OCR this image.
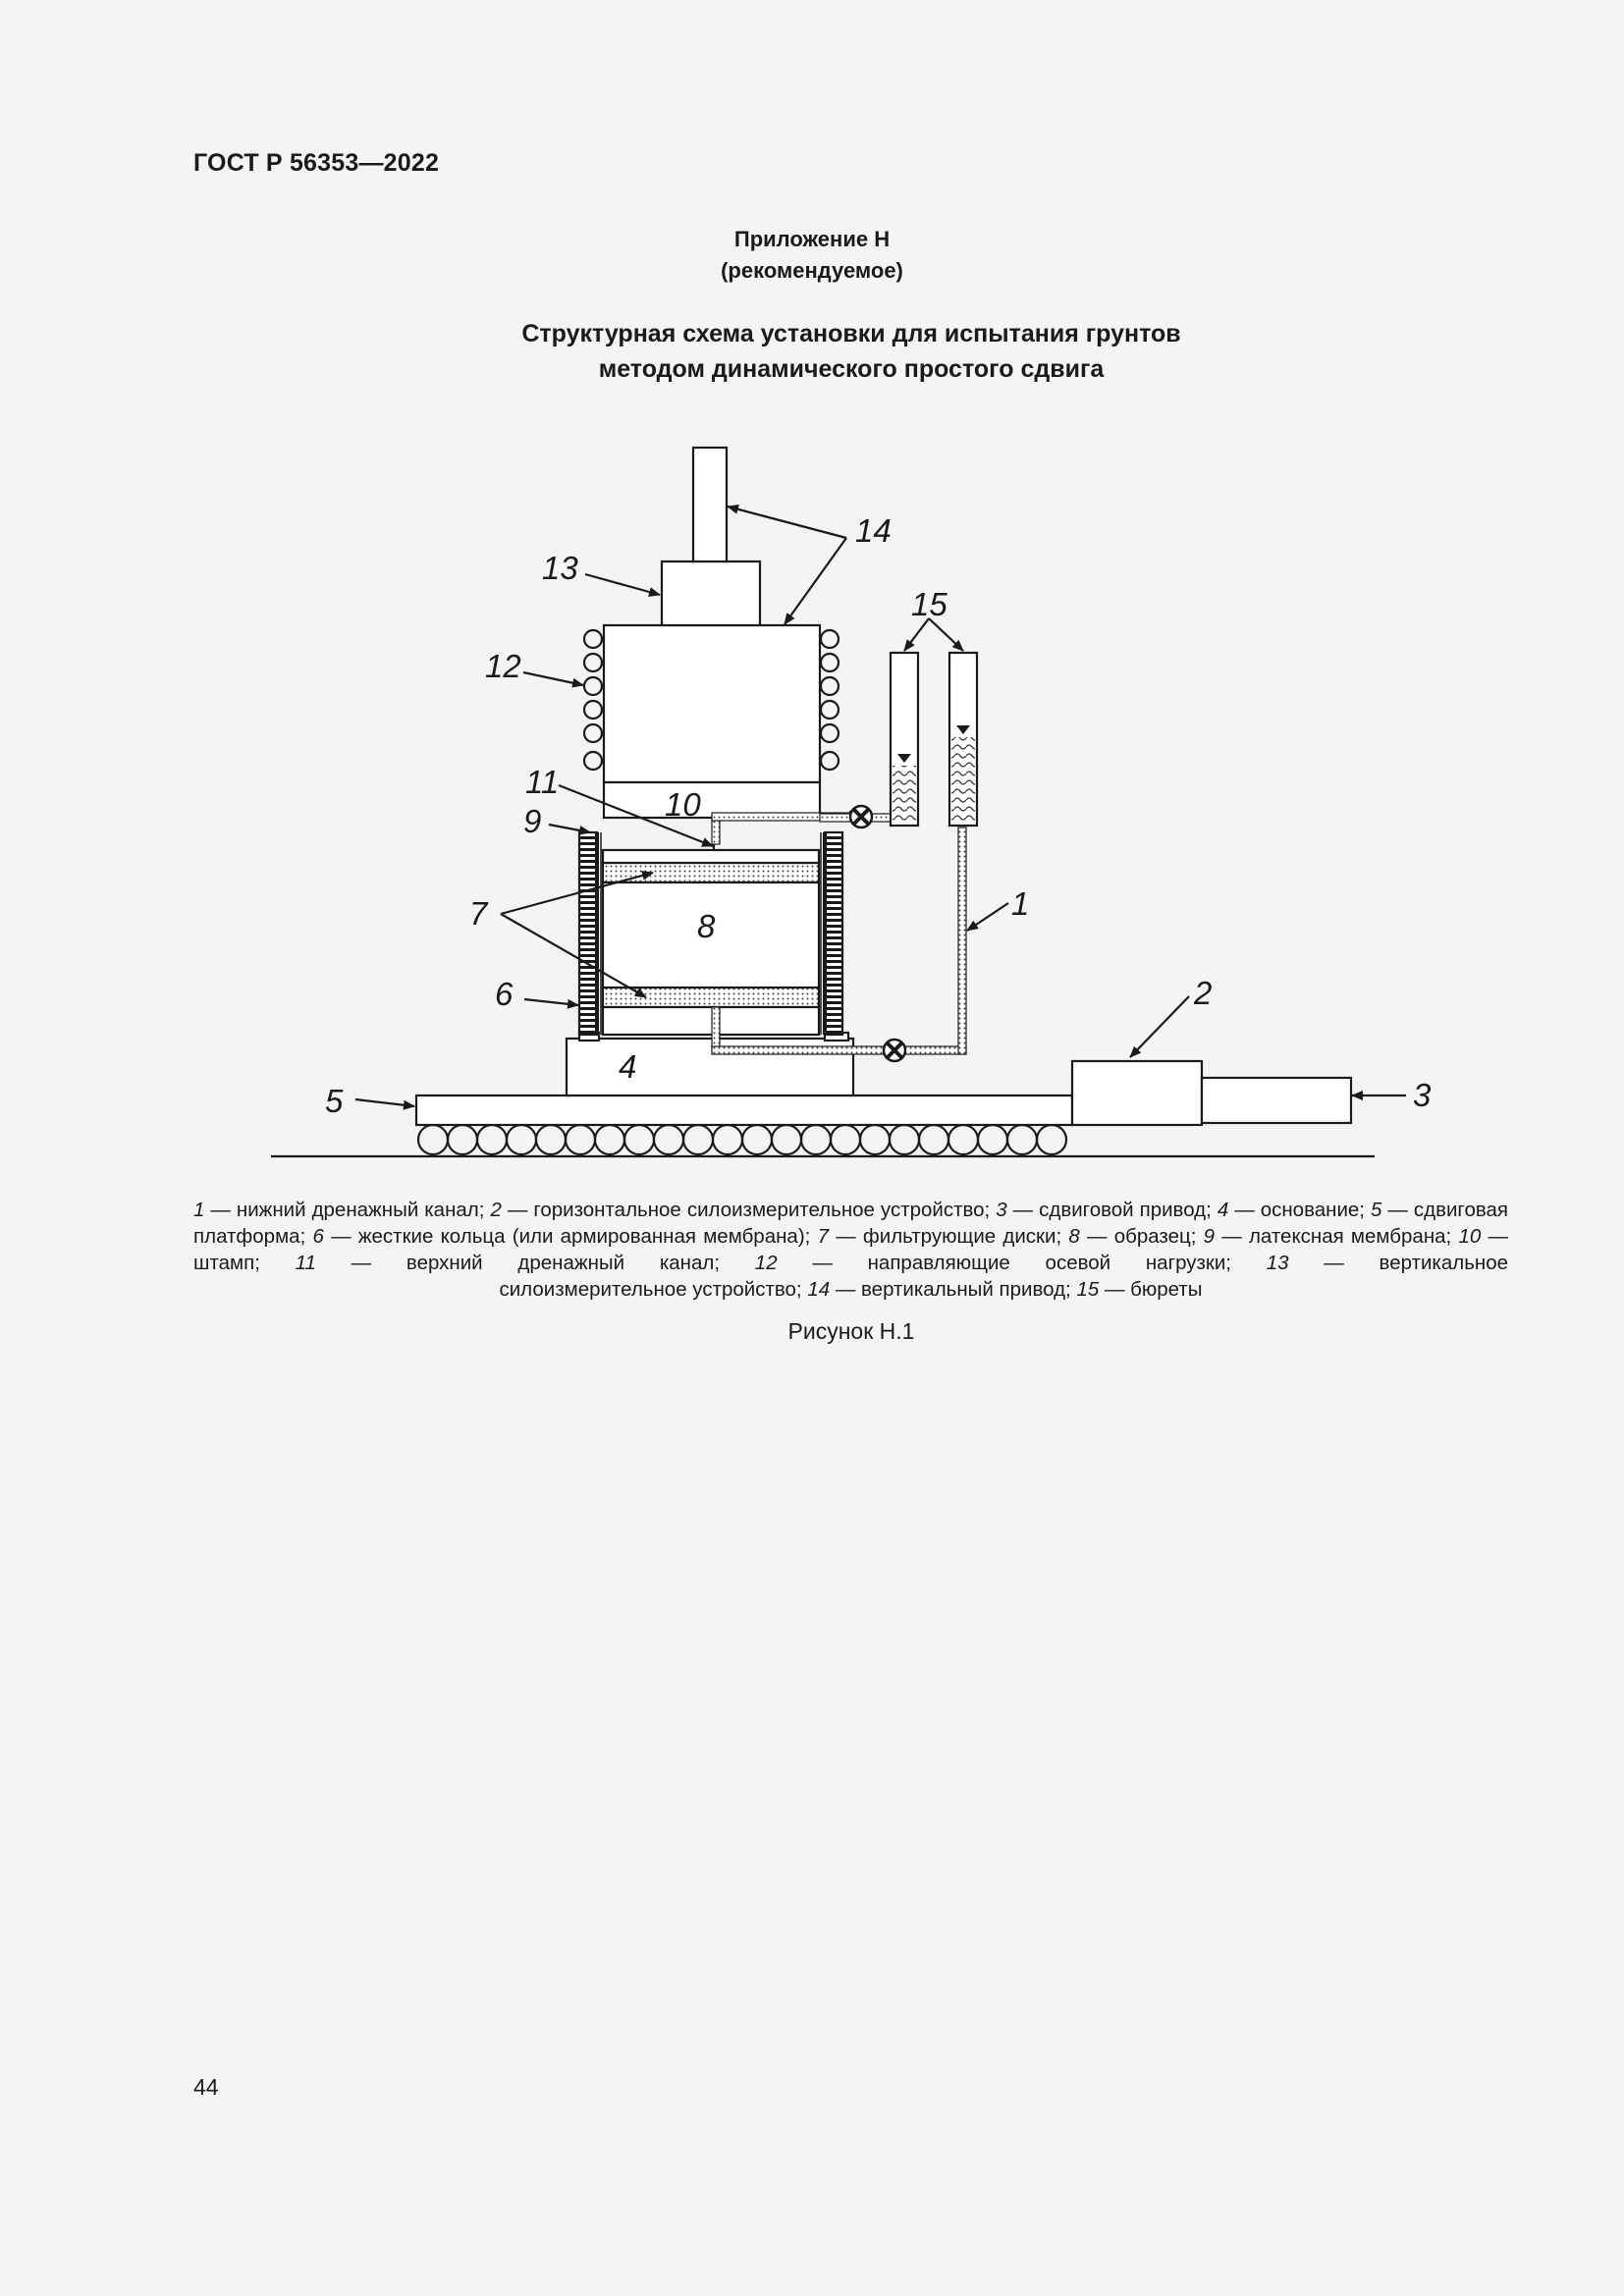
ГОСТ Р 56353—2022
Приложение Н
(рекомендуемое)
Структурная схема установки для испытания грунтов
методом динамического простого сдвига
14
13
15
12
11
10
9
7	8
1
6	2
4
3
5
1 — нижний дренажный канал; 2 — горизонтальное силоизмерительное устройство; 3 — сдвиговой привод; 4 — основание; 5 — сдвиговая платформа; 6 — жесткие кольца (или армированная мембрана); 7 — фильтрующие диски; 8 — образец; 9 — латексная мембрана; 10 — штамп; 11 — верхний дренажный канал; 12 — направляющие осевой нагрузки; 13 — вертикальное
силоизмерительное устройство; 14 — вертикальный привод; 15 — бюреты
Рисунок Н.1
44
